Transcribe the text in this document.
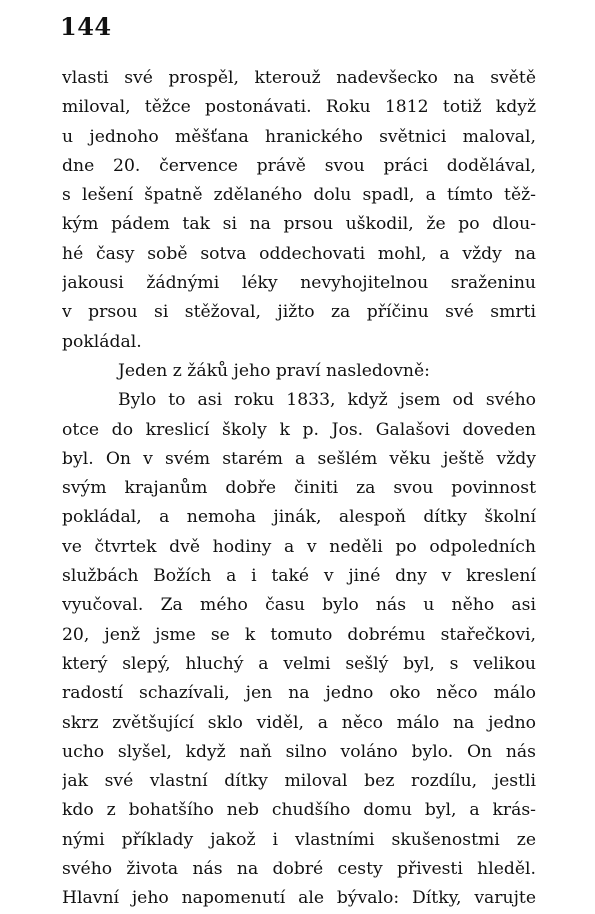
144
vlasti své prospěl, kterouž nadevšecko na světě
miloval, těžce postonávati. Roku 1812 totiž když
u jednoho měšťana hranického světnici maloval,
dne 20. července právě svou práci dodělával,
s lešení špatně zdělaného dolu spadl, a tímto těž-
kým pádem tak si na prsou uškodil, že po dlou-
hé časy sobě sotva oddechovati mohl, a vždy na
jakousi žádnými léky nevyhojitelnou sraženinu
v prsou si stěžoval, jižto za příčinu své smrti
pokládal.
Jeden z žáků jeho praví nasledovně:
Bylo to asi roku 1833, když jsem od svého
otce do kreslicí školy k p. Jos. Galašovi doveden
byl. On v svém starém a sešlém věku ještě vždy
svým krajanům dobře činiti za svou povinnost
pokládal, a nemoha jinák, alespoň dítky školní
ve čtvrtek dvě hodiny a v neděli po odpoledních
službách Božích a i také v jiné dny v kreslení
vyučoval. Za mého času bylo nás u něho asi
20, jenž jsme se k tomuto dobrému stařečkovi,
který slepý, hluchý a velmi sešlý byl, s velikou
radostí schazívali, jen na jedno oko něco málo
skrz zvětšující sklo viděl, a něco málo na jedno
ucho slyšel, když naň silno voláno bylo. On nás
jak své vlastní dítky miloval bez rozdílu, jestli
kdo z bohatšího neb chudšího domu byl, a krás-
nými příklady jakož i vlastními skušenostmi ze
svého života nás na dobré cesty přivesti hleděl.
Hlavní jeho napomenutí ale bývalo: Dítky, varujte
